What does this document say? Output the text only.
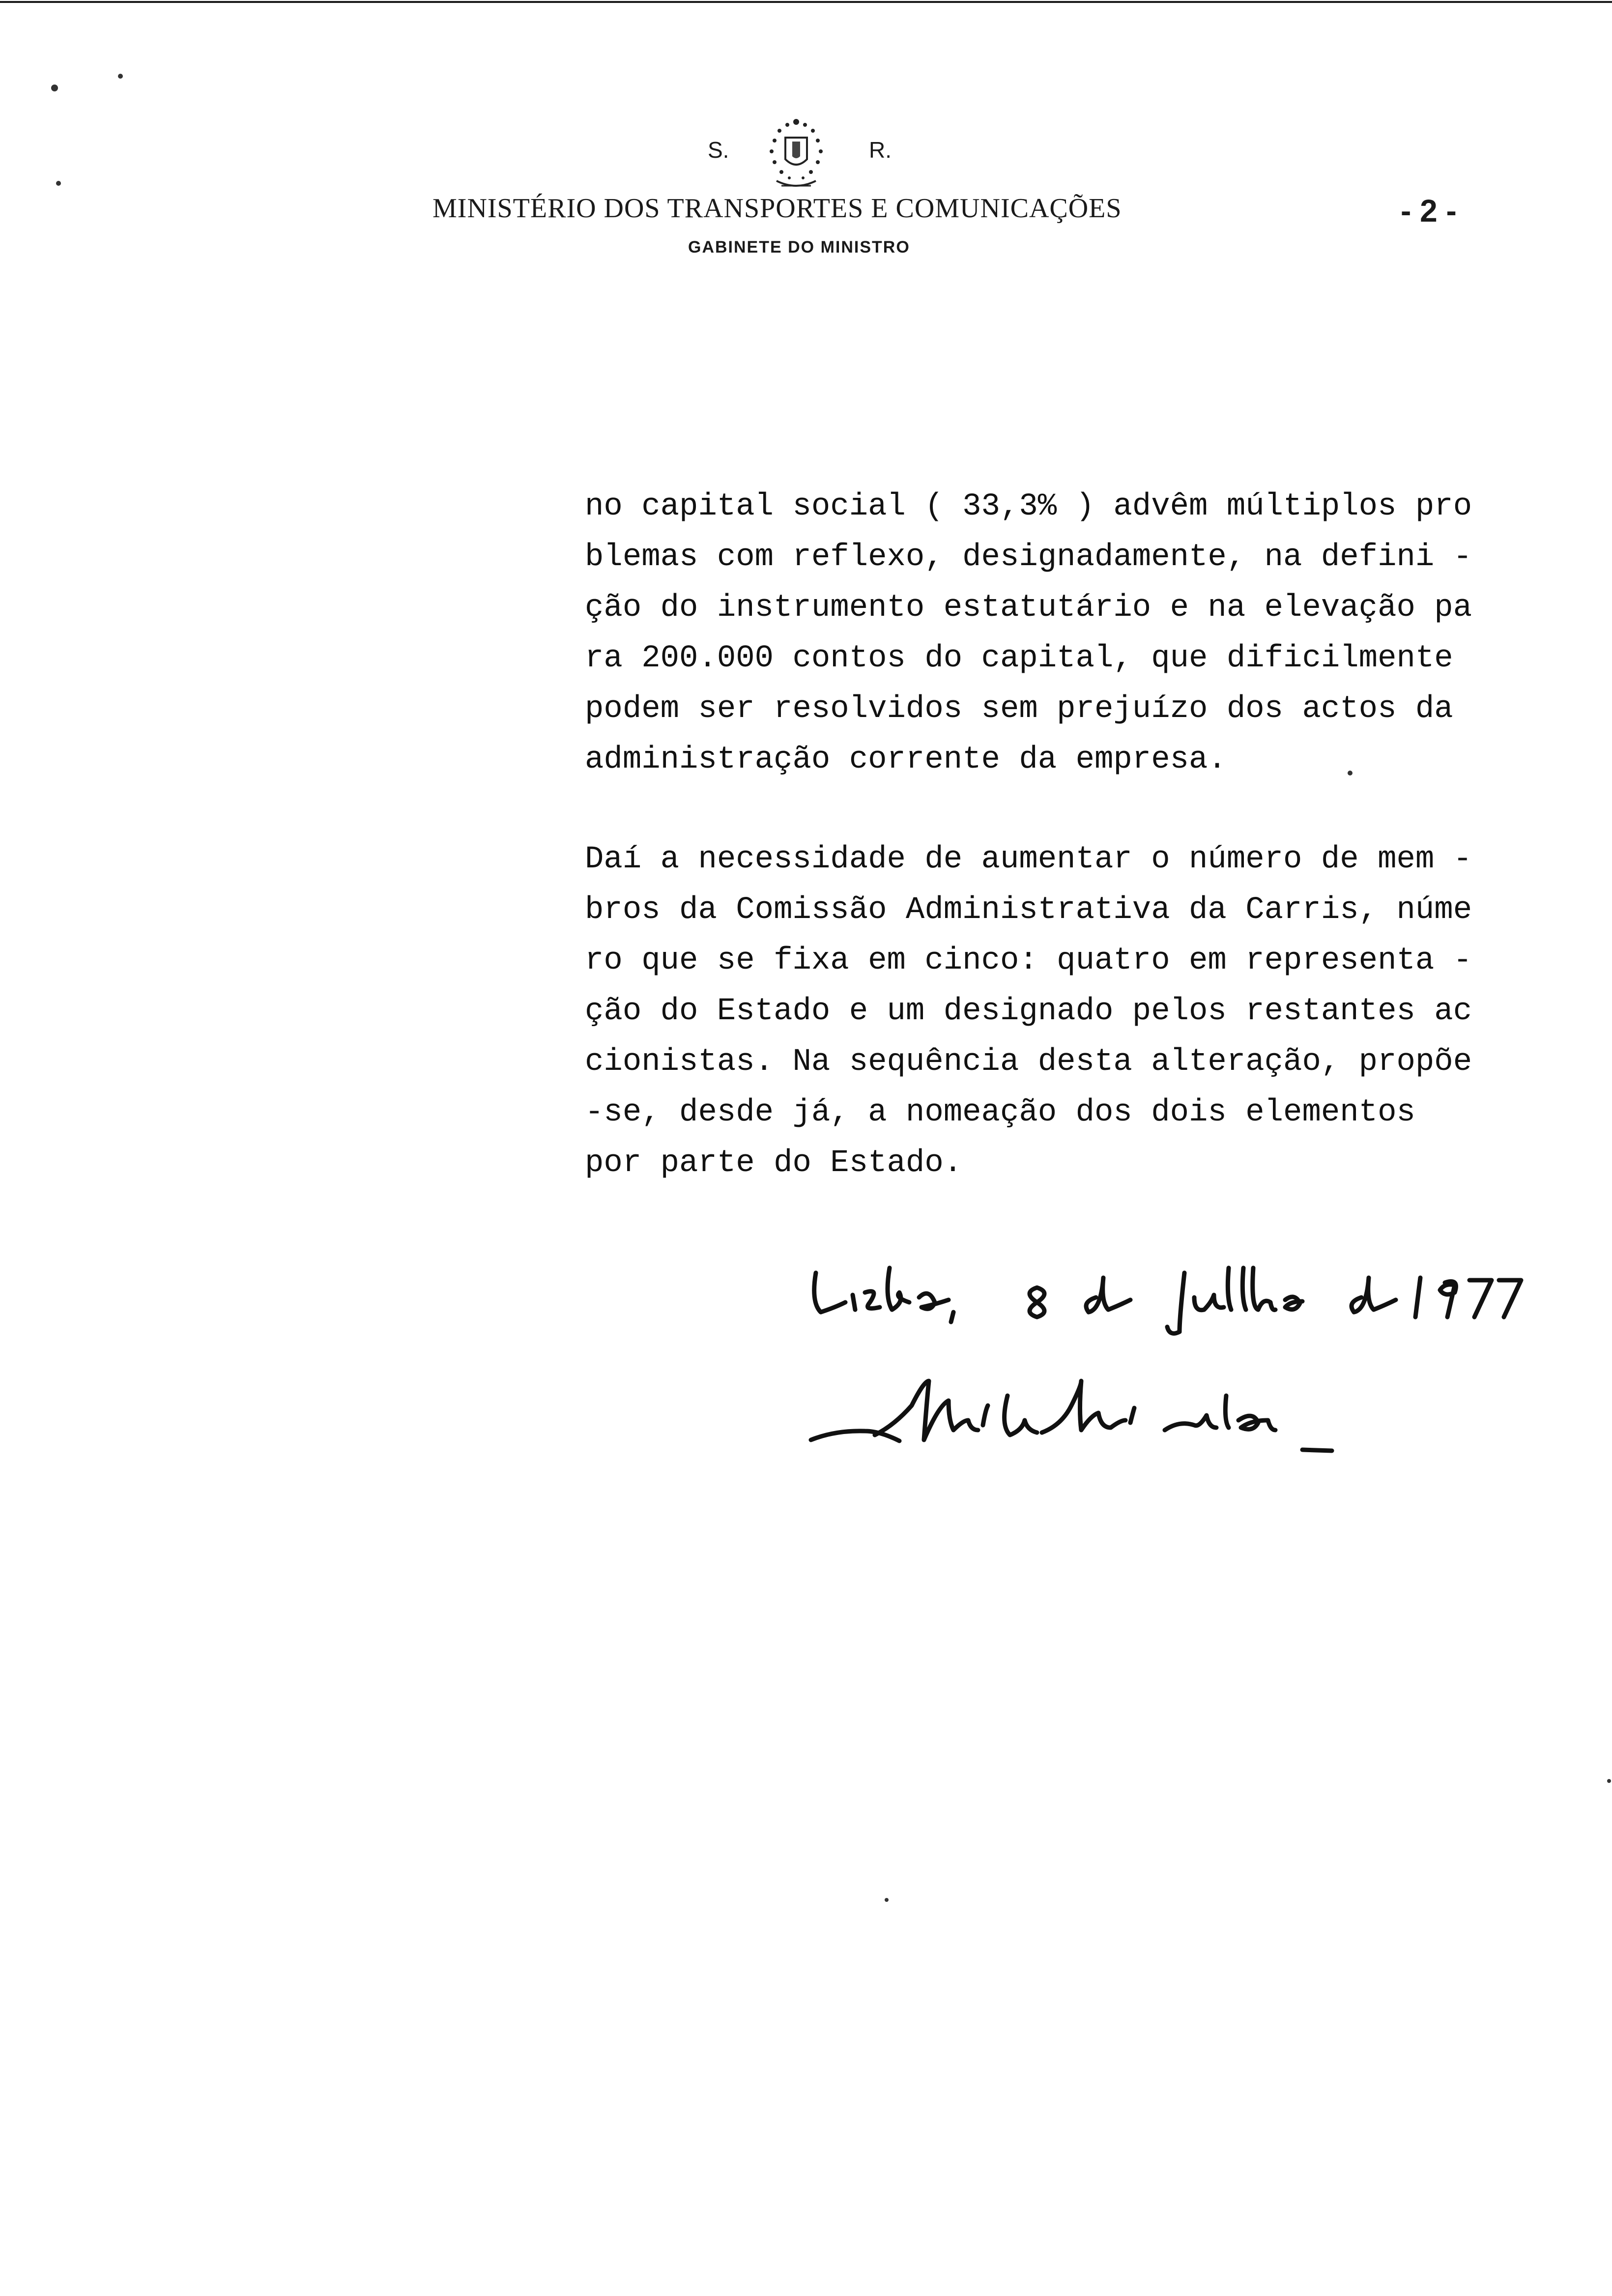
S.	R.
MINISTÉRIO DOS TRANSPORTES E COMUNICAÇÕES
GABINETE DO MINISTRO
- 2 -
no capital social ( 33,3% ) advêm múltiplos pro
blemas com reflexo, designadamente, na defini -
ção do instrumento estatutário e na elevação pa
ra 200.000 contos do capital, que dificilmente
podem ser resolvidos sem prejuízo dos actos da
administração corrente da empresa.
Daí a necessidade de aumentar o número de mem -
bros da Comissão Administrativa da Carris, núme
ro que se fixa em cinco: quatro em representa -
ção do Estado e um designado pelos restantes ac
cionistas. Na sequência desta alteração, propõe
-se, desde já, a nomeação dos dois elementos
por parte do Estado.
